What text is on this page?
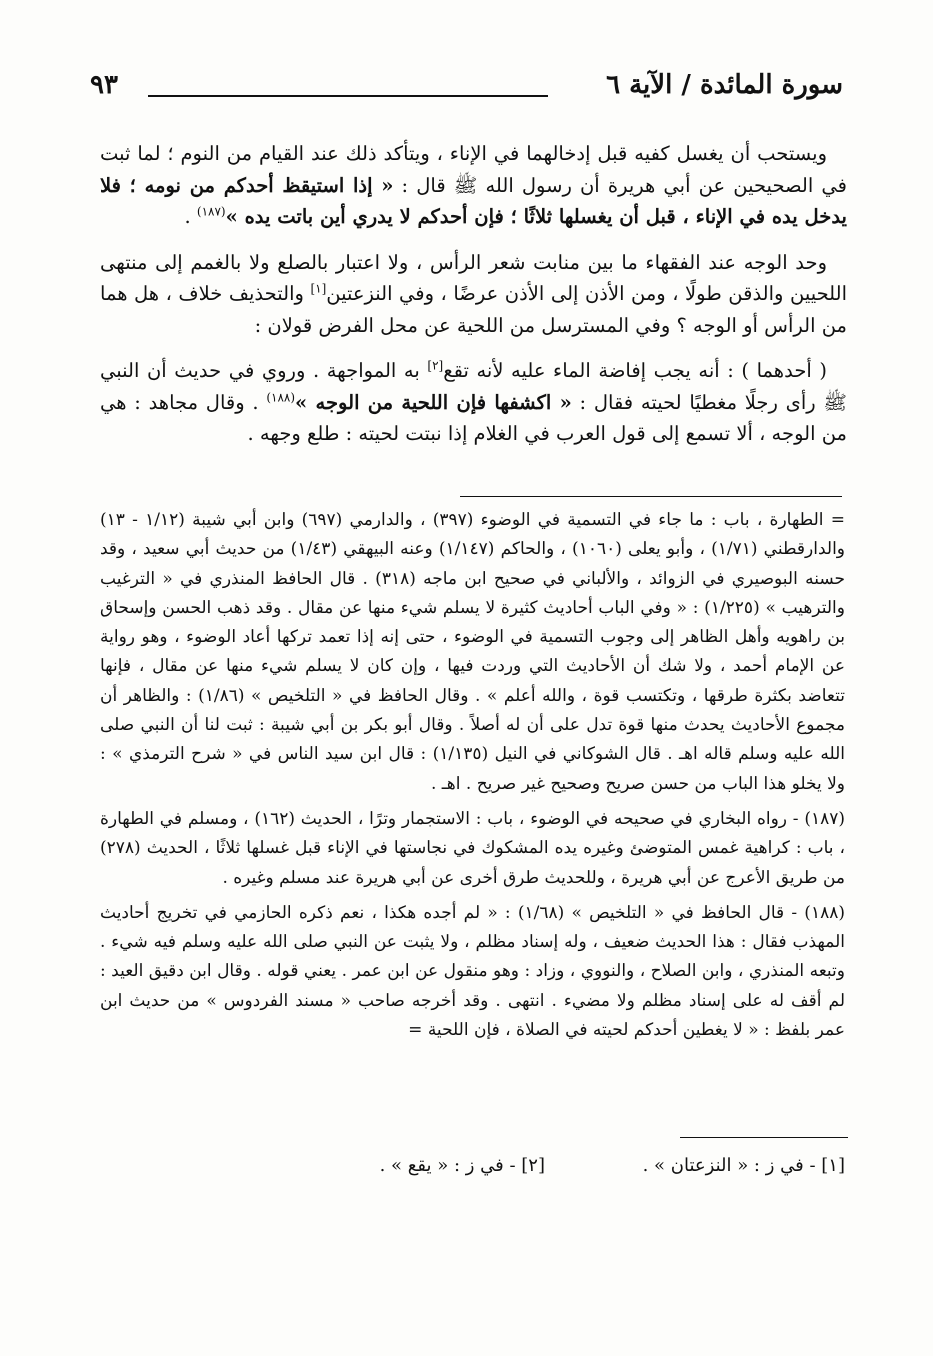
٩٣	سورة المائدة / الآية ٦

ويستحب أن يغسل كفيه قبل إدخالهما في الإناء ، ويتأكد ذلك عند القيام من النوم ؛ لما ثبت في الصحيحين عن أبي هريرة أن رسول الله ﷺ قال : « إذا استيقظ أحدكم من نومه ؛ فلا يدخل يده في الإناء ، قبل أن يغسلها ثلاثًا ؛ فإن أحدكم لا يدري أين باتت يده »$^{(١٨٧)}$ .

وحد الوجه عند الفقهاء ما بين منابت شعر الرأس ، ولا اعتبار بالصلع ولا بالغمم إلى منتهى اللحيين والذقن طولًا ، ومن الأذن إلى الأذن عرضًا ، وفي النزعتين[١] والتحذيف خلاف ، هل هما من الرأس أو الوجه ؟ وفي المسترسل من اللحية عن محل الفرض قولان :

( أحدهما ) : أنه يجب إفاضة الماء عليه لأنه تقع[٢] به المواجهة . وروي في حديث أن النبي ﷺ رأى رجلًا مغطيًا لحيته فقال : « اكشفها فإن اللحية من الوجه »$^{(١٨٨)}$ . وقال مجاهد : هي من الوجه ، ألا تسمع إلى قول العرب في الغلام إذا نبتت لحيته : طلع وجهه .

= الطهارة ، باب : ما جاء في التسمية في الوضوء (٣٩٧) ، والدارمي (٦٩٧) وابن أبي شيبة (١/١٢ - ١٣) والدارقطني (١/٧١) ، وأبو يعلى (١٠٦٠) ، والحاكم (١/١٤٧) وعنه البيهقي (١/٤٣) من حديث أبي سعيد ، وقد حسنه البوصيري في الزوائد ، والألباني في صحيح ابن ماجه (٣١٨) . قال الحافظ المنذري في « الترغيب والترهيب » (١/٢٢٥) : « وفي الباب أحاديث كثيرة لا يسلم شيء منها عن مقال . وقد ذهب الحسن وإسحاق بن راهويه وأهل الظاهر إلى وجوب التسمية في الوضوء ، حتى إنه إذا تعمد تركها أعاد الوضوء ، وهو رواية عن الإمام أحمد ، ولا شك أن الأحاديث التي وردت فيها ، وإن كان لا يسلم شيء منها عن مقال ، فإنها تتعاضد بكثرة طرقها ، وتكتسب قوة ، والله أعلم » . وقال الحافظ في « التلخيص » (١/٨٦) : والظاهر أن مجموع الأحاديث يحدث منها قوة تدل على أن له أصلاً . وقال أبو بكر بن أبي شيبة : ثبت لنا أن النبي صلى الله عليه وسلم قاله اهـ . قال الشوكاني في النيل (١/١٣٥) : قال ابن سيد الناس في « شرح الترمذي » : ولا يخلو هذا الباب من حسن صريح وصحيح غير صريح . اهـ .

(١٨٧) - رواه البخاري في صحيحه في الوضوء ، باب : الاستجمار وترًا ، الحديث (١٦٢) ، ومسلم في الطهارة ، باب : كراهية غمس المتوضئ وغيره يده المشكوك في نجاستها في الإناء قبل غسلها ثلاثًا ، الحديث (٢٧٨) من طريق الأعرج عن أبي هريرة ، وللحديث طرق أخرى عن أبي هريرة عند مسلم وغيره .

(١٨٨) - قال الحافظ في « التلخيص » (١/٦٨) : « لم أجده هكذا ، نعم ذكره الحازمي في تخريج أحاديث المهذب فقال : هذا الحديث ضعيف ، وله إسناد مظلم ، ولا يثبت عن النبي صلى الله عليه وسلم فيه شيء . وتبعه المنذري ، وابن الصلاح ، والنووي ، وزاد : وهو منقول عن ابن عمر . يعني قوله . وقال ابن دقيق العيد : لم أقف له على إسناد مظلم ولا مضيء . انتهى . وقد أخرجه صاحب « مسند الفردوس » من حديث ابن عمر بلفظ : « لا يغطين أحدكم لحيته في الصلاة ، فإن اللحية =

[١] - في ز : « النزعتان » .
[٢] - في ز : « يقع » .
